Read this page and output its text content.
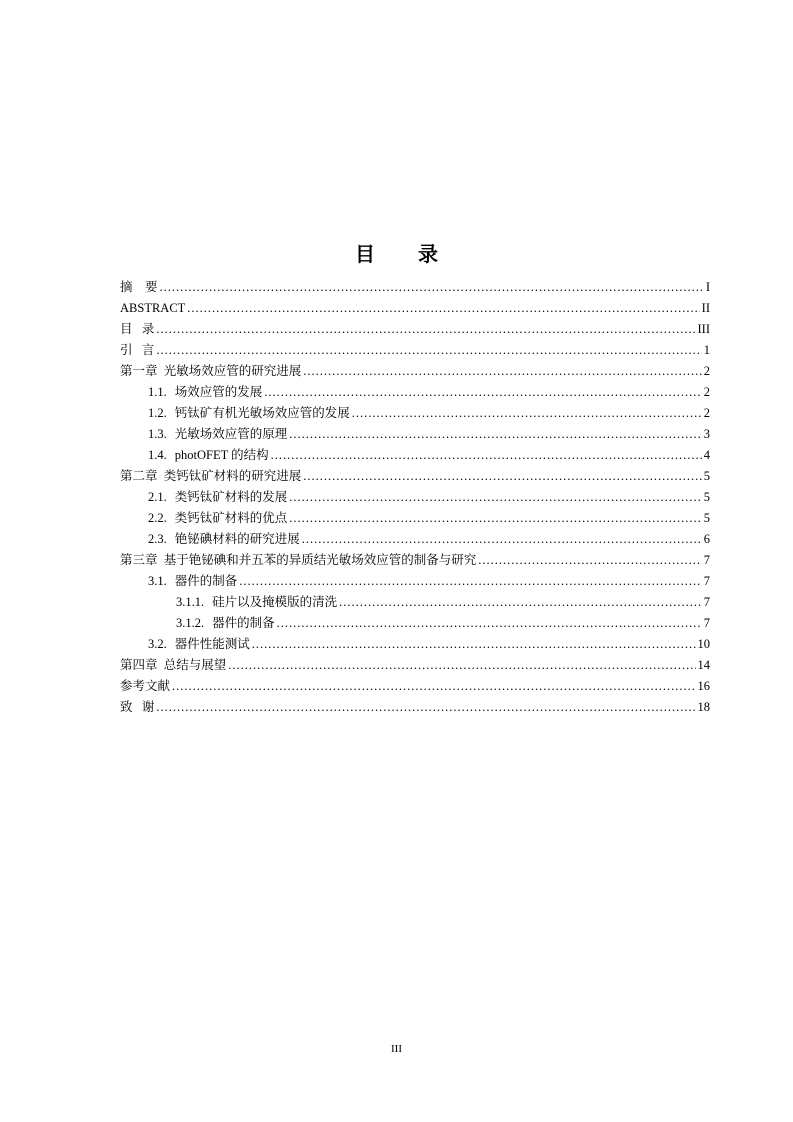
目 录
摘    要 .....	I
ABSTRACT .....	II
目   录 .....	III
引   言 .....	1
第一章  光敏场效应管的研究进展 .....	2
1.1. 场效应管的发展 .....	2
1.2. 钙钛矿有机光敏场效应管的发展 .....	2
1.3. 光敏场效应管的原理 .....	3
1.4. photOFET 的结构 .....	4
第二章  类钙钛矿材料的研究进展 .....	5
2.1. 类钙钛矿材料的发展 .....	5
2.2. 类钙钛矿材料的优点 .....	5
2.3. 铯铋碘材料的研究进展 .....	6
第三章  基于铯铋碘和并五苯的异质结光敏场效应管的制备与研究 .....	7
3.1. 器件的制备 .....	7
3.1.1. 硅片以及掩模版的清洗 .....	7
3.1.2. 器件的制备 .....	7
3.2. 器件性能测试 .....	10
第四章  总结与展望 .....	14
参考文献 .....	16
致   谢 .....	18
III
